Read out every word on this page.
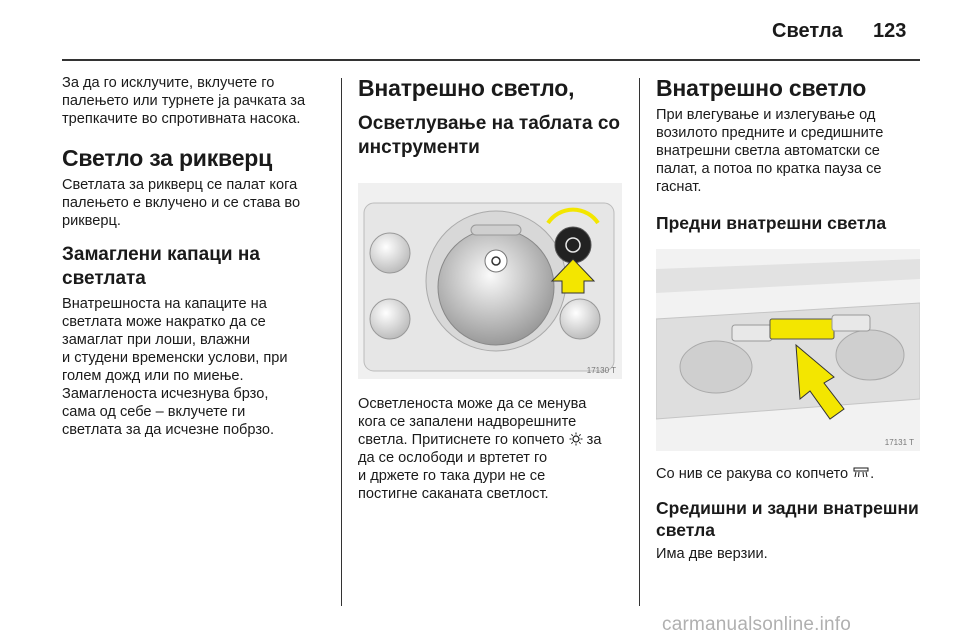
Светла 123

За да го исклучите, вклучете го
палењето или турнете ја рачката за
трепкачите во спротивната насока.

Светло за рикверц

Светлата за рикверц се палат кога
палењето е вклучено и се става во
рикверц.

Замаглени капаци на светлата

Внатрешноста на капаците на
светлата може накратко да се
замаглат при лоши, влажни
и студени временски услови, при
голем дожд или по миење.
Замагленоста исчезнува брзо,
сама од себе – вклучете ги
светлата за да исчезне побрзо.

Внатрешно светло,
Осветлување на таблата со инструменти
17130 T

Осветленоста може да се менува
кога се запалени надворешните
светла. Притиснете го копчето  за
да се ослободи и вртетет го
и држете го така дури не се
постигне саканата светлост.

Внатрешно светло

При влегување и излегување од
возилото предните и средишните
внатрешни светла автоматски се
палат, а потоа по кратка пауза се
гаснат.

Предни внатрешни светла
17131 T

Со нив се ракува со копчето .

Средишни и задни внатрешни светла

Има две верзии.

carmanualsonline.info
